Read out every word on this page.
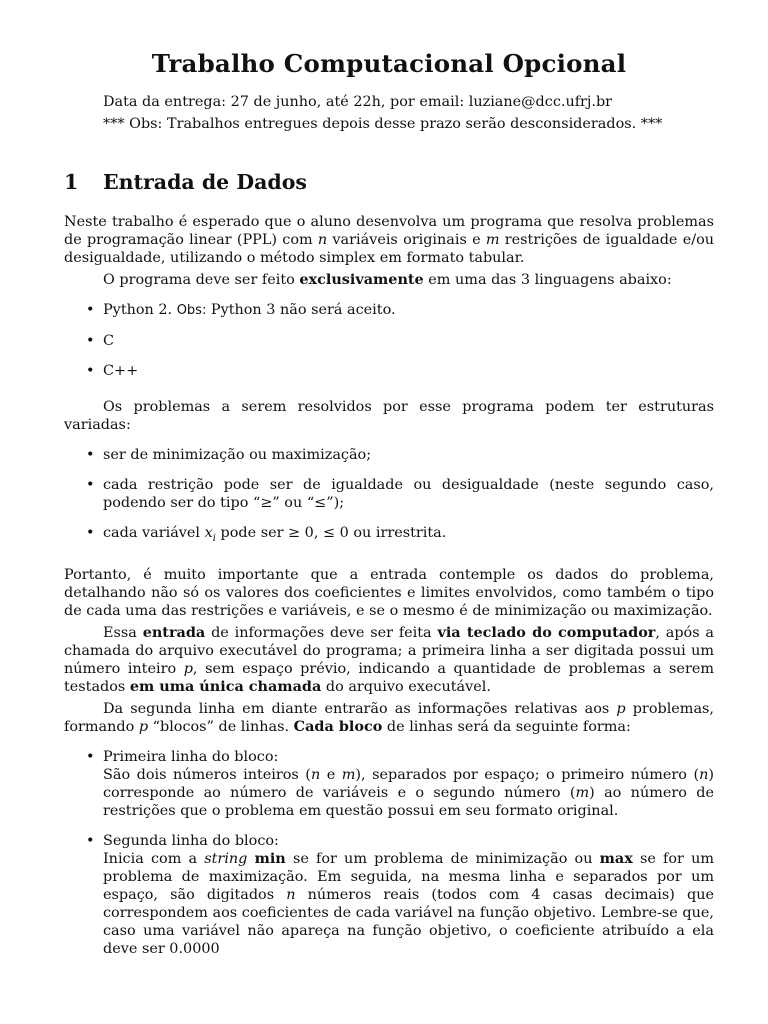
Trabalho Computacional Opcional

Data da entrega: 27 de junho, até 22h, por email: luziane@dcc.ufrj.br

*** Obs: Trabalhos entregues depois desse prazo serão desconsiderados. ***

1	Entrada de Dados

Neste trabalho é esperado que o aluno desenvolva um programa que resolva problemas de programação linear (PPL) com n variáveis originais e m restrições de igualdade e/ou desigualdade, utilizando o método simplex em formato tabular.

O programa deve ser feito exclusivamente em uma das 3 linguagens abaixo:

• Python 2. Obs: Python 3 não será aceito.
• C
• C++

Os problemas a serem resolvidos por esse programa podem ter estruturas variadas:

• ser de minimização ou maximização;
• cada restrição pode ser de igualdade ou desigualdade (neste segundo caso, podendo ser do tipo “≥” ou “≤”);
• cada variável $x_i$ pode ser ≥ 0, ≤ 0 ou irrestrita.

Portanto, é muito importante que a entrada contemple os dados do problema, detalhando não só os valores dos coeficientes e limites envolvidos, como também o tipo de cada uma das restrições e variáveis, e se o mesmo é de minimização ou maximização.

Essa entrada de informações deve ser feita via teclado do computador, após a chamada do arquivo executável do programa; a primeira linha a ser digitada possui um número inteiro p, sem espaço prévio, indicando a quantidade de problemas a serem testados em uma única chamada do arquivo executável.

Da segunda linha em diante entrarão as informações relativas aos p problemas, formando p “blocos” de linhas. Cada bloco de linhas será da seguinte forma:

• Primeira linha do bloco:
São dois números inteiros (n e m), separados por espaço; o primeiro número (n) corresponde ao número de variáveis e o segundo número (m) ao número de restrições que o problema em questão possui em seu formato original.
• Segunda linha do bloco:
Inicia com a string min se for um problema de minimização ou max se for um problema de maximização. Em seguida, na mesma linha e separados por um espaço, são digitados n números reais (todos com 4 casas decimais) que correspondem aos coeficientes de cada variável na função objetivo. Lembre-se que, caso uma variável não apareça na função objetivo, o coeficiente atribuído a ela deve ser 0.0000
